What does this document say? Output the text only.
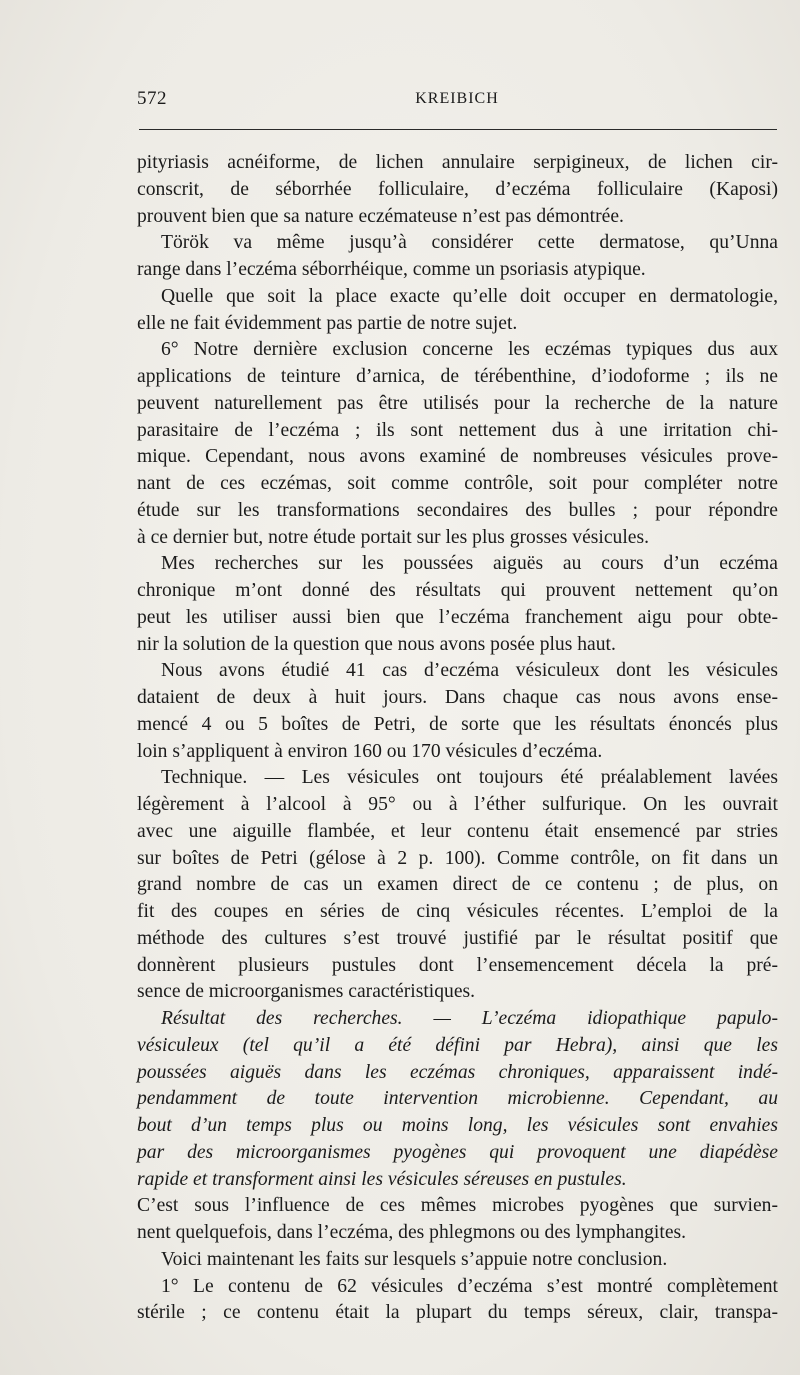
572	KREIBICH
pityriasis acnéiforme, de lichen annulaire serpigineux, de lichen cir-
conscrit, de séborrhée folliculaire, d’eczéma folliculaire (Kaposi)
prouvent bien que sa nature eczémateuse n’est pas démontrée.
Török va même jusqu’à considérer cette dermatose, qu’Unna
range dans l’eczéma séborrhéique, comme un psoriasis atypique.
Quelle que soit la place exacte qu’elle doit occuper en dermatologie,
elle ne fait évidemment pas partie de notre sujet.
6° Notre dernière exclusion concerne les eczémas typiques dus aux
applications de teinture d’arnica, de térébenthine, d’iodoforme ; ils ne
peuvent naturellement pas être utilisés pour la recherche de la nature
parasitaire de l’eczéma ; ils sont nettement dus à une irritation chi-
mique. Cependant, nous avons examiné de nombreuses vésicules prove-
nant de ces eczémas, soit comme contrôle, soit pour compléter notre
étude sur les transformations secondaires des bulles ; pour répondre
à ce dernier but, notre étude portait sur les plus grosses vésicules.
Mes recherches sur les poussées aiguës au cours d’un eczéma
chronique m’ont donné des résultats qui prouvent nettement qu’on
peut les utiliser aussi bien que l’eczéma franchement aigu pour obte-
nir la solution de la question que nous avons posée plus haut.
Nous avons étudié 41 cas d’eczéma vésiculeux dont les vésicules
dataient de deux à huit jours. Dans chaque cas nous avons ense-
mencé 4 ou 5 boîtes de Petri, de sorte que les résultats énoncés plus
loin s’appliquent à environ 160 ou 170 vésicules d’eczéma.
Technique. — Les vésicules ont toujours été préalablement lavées
légèrement à l’alcool à 95° ou à l’éther sulfurique. On les ouvrait
avec une aiguille flambée, et leur contenu était ensemencé par stries
sur boîtes de Petri (gélose à 2 p. 100). Comme contrôle, on fit dans un
grand nombre de cas un examen direct de ce contenu ; de plus, on
fit des coupes en séries de cinq vésicules récentes. L’emploi de la
méthode des cultures s’est trouvé justifié par le résultat positif que
donnèrent plusieurs pustules dont l’ensemencement décela la pré-
sence de microorganismes caractéristiques.
Résultat des recherches. — L’eczéma idiopathique papulo-
vésiculeux (tel qu’il a été défini par Hebra), ainsi que les
poussées aiguës dans les eczémas chroniques, apparaissent indé-
pendamment de toute intervention microbienne. Cependant, au
bout d’un temps plus ou moins long, les vésicules sont envahies
par des microorganismes pyogènes qui provoquent une diapédèse
rapide et transforment ainsi les vésicules séreuses en pustules.
C’est sous l’influence de ces mêmes microbes pyogènes que survien-
nent quelquefois, dans l’eczéma, des phlegmons ou des lymphangites.
Voici maintenant les faits sur lesquels s’appuie notre conclusion.
1° Le contenu de 62 vésicules d’eczéma s’est montré complètement
stérile ; ce contenu était la plupart du temps séreux, clair, transpa-
